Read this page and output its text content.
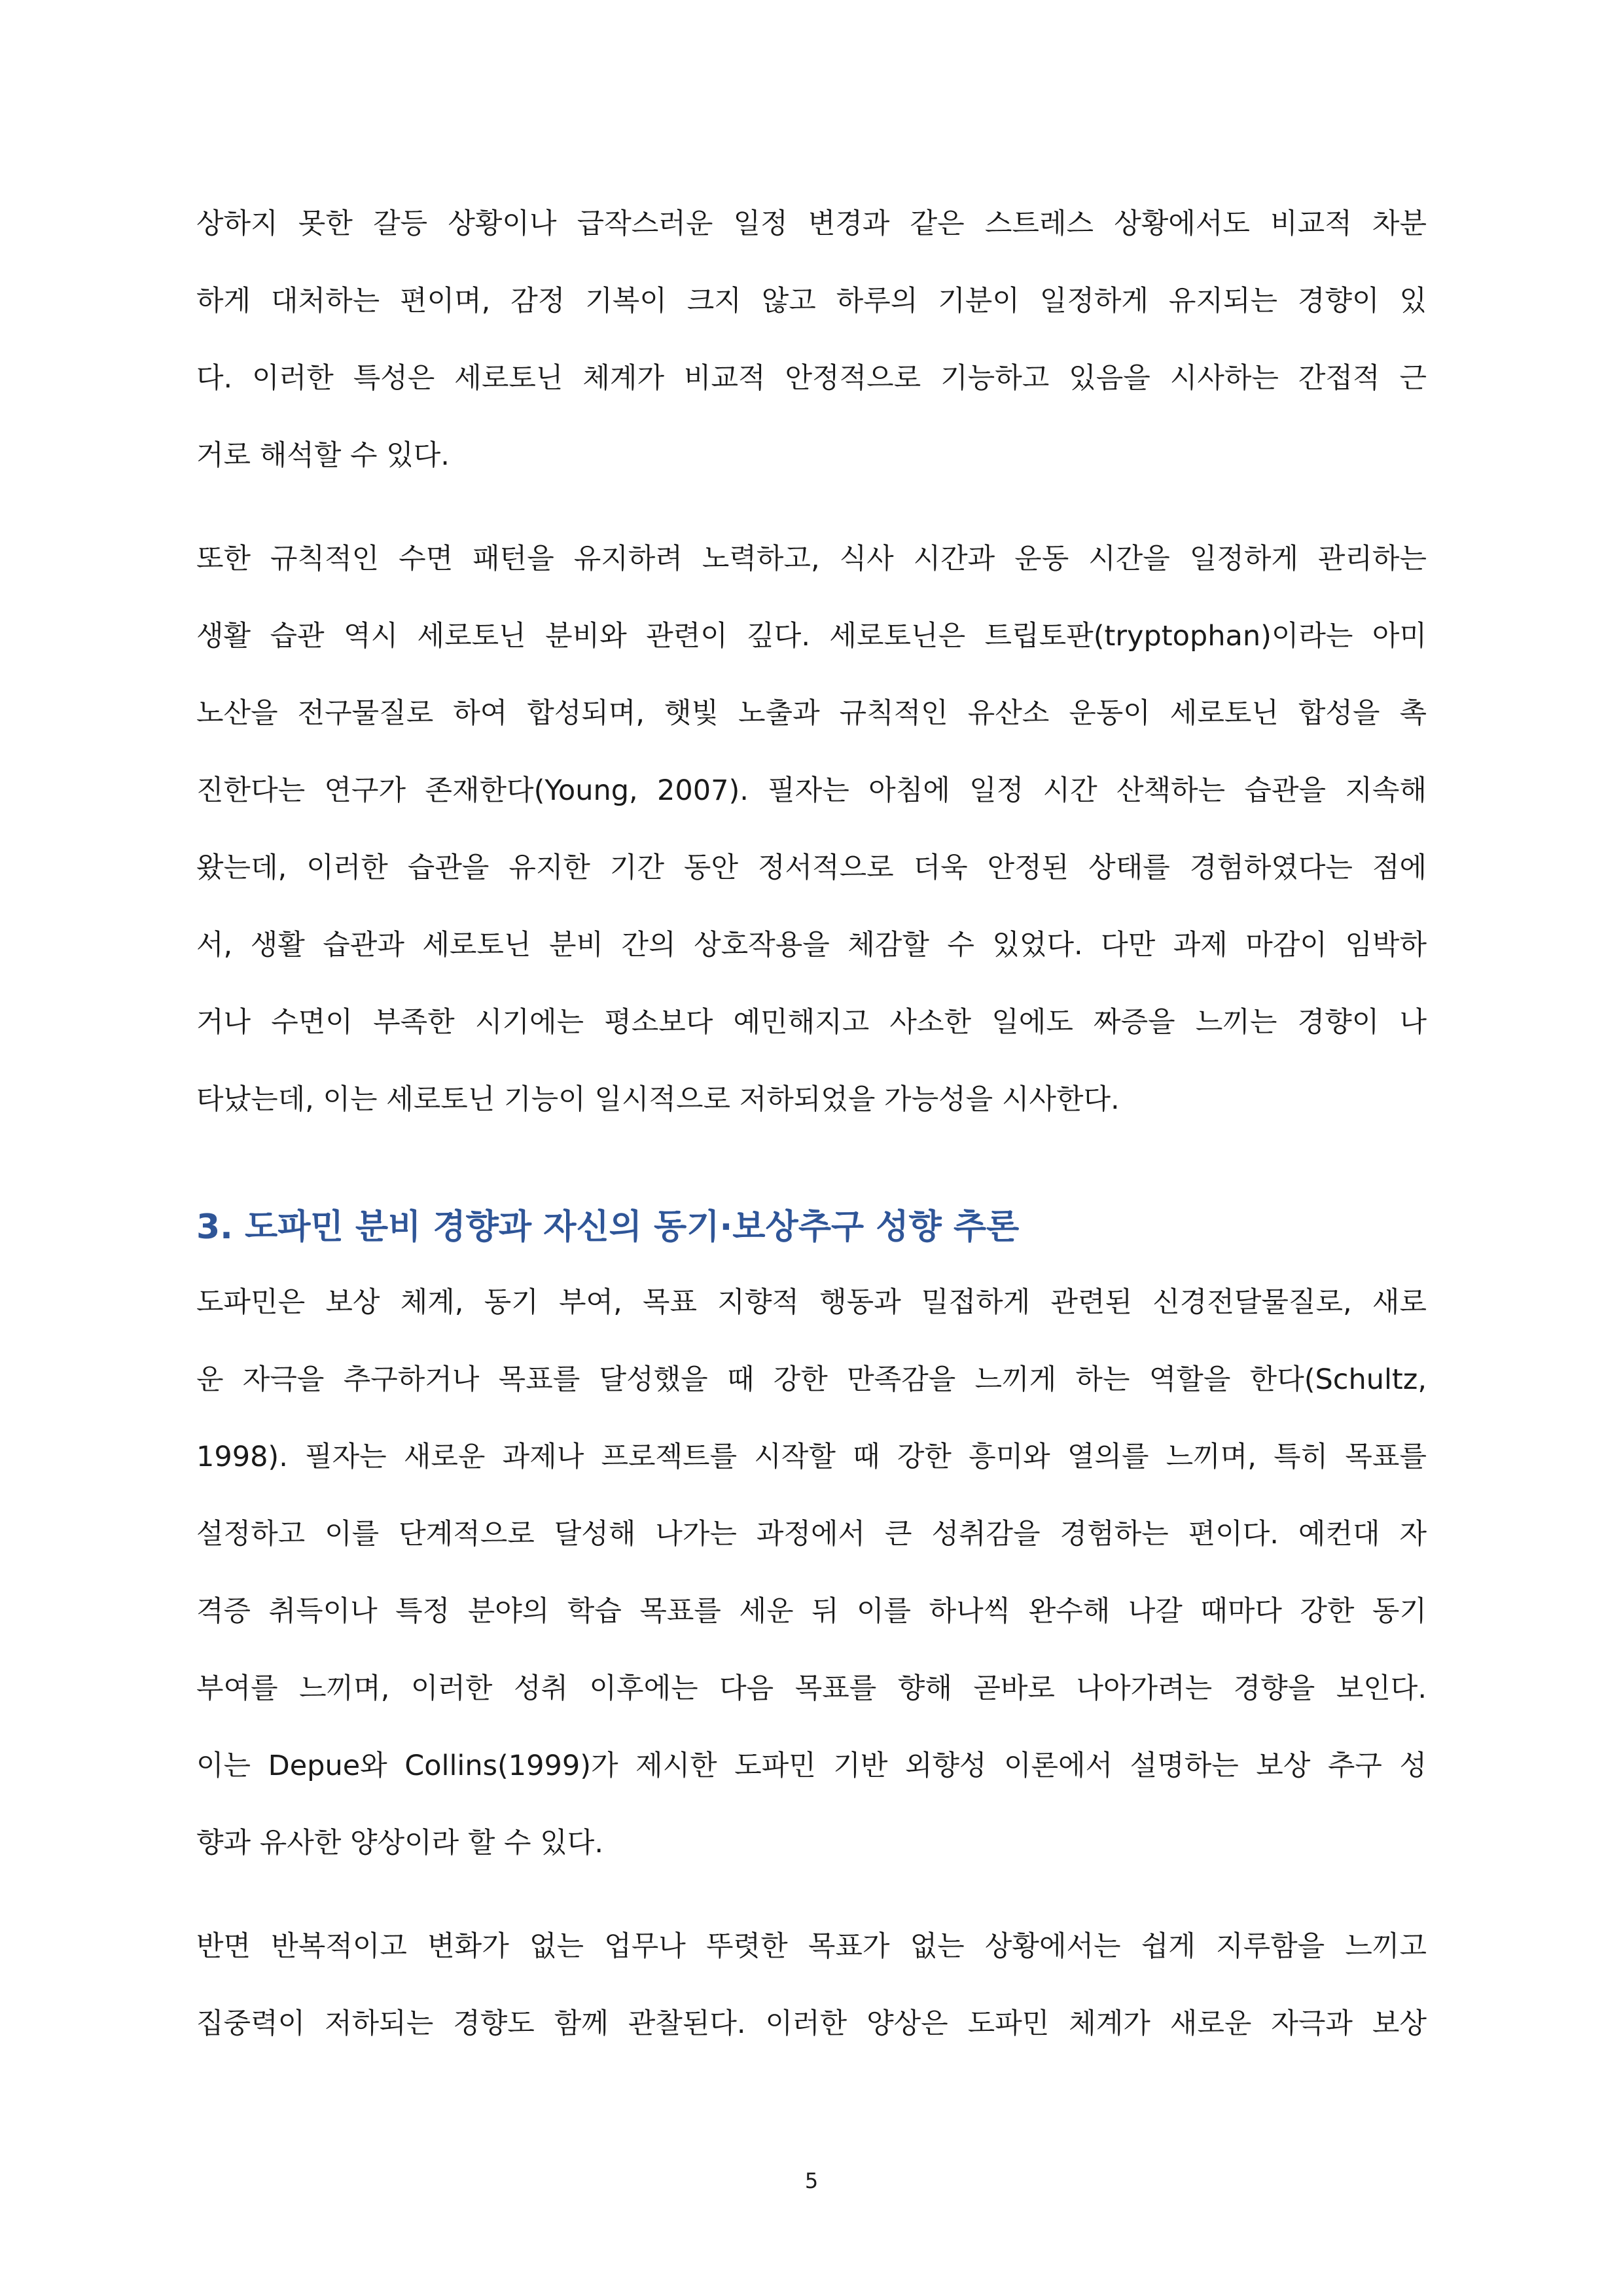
상하지 못한 갈등 상황이나 급작스러운 일정 변경과 같은 스트레스 상황에서도 비교적 차분
하게 대처하는 편이며, 감정 기복이 크지 않고 하루의 기분이 일정하게 유지되는 경향이 있
다. 이러한 특성은 세로토닌 체계가 비교적 안정적으로 기능하고 있음을 시사하는 간접적 근
거로 해석할 수 있다.
또한 규칙적인 수면 패턴을 유지하려 노력하고, 식사 시간과 운동 시간을 일정하게 관리하는
생활 습관 역시 세로토닌 분비와 관련이 깊다. 세로토닌은 트립토판(tryptophan)이라는 아미
노산을 전구물질로 하여 합성되며, 햇빛 노출과 규칙적인 유산소 운동이 세로토닌 합성을 촉
진한다는 연구가 존재한다(Young, 2007). 필자는 아침에 일정 시간 산책하는 습관을 지속해
왔는데, 이러한 습관을 유지한 기간 동안 정서적으로 더욱 안정된 상태를 경험하였다는 점에
서, 생활 습관과 세로토닌 분비 간의 상호작용을 체감할 수 있었다. 다만 과제 마감이 임박하
거나 수면이 부족한 시기에는 평소보다 예민해지고 사소한 일에도 짜증을 느끼는 경향이 나
타났는데, 이는 세로토닌 기능이 일시적으로 저하되었을 가능성을 시사한다.
3. 도파민 분비 경향과 자신의 동기·보상추구 성향 추론
도파민은 보상 체계, 동기 부여, 목표 지향적 행동과 밀접하게 관련된 신경전달물질로, 새로
운 자극을 추구하거나 목표를 달성했을 때 강한 만족감을 느끼게 하는 역할을 한다(Schultz,
1998). 필자는 새로운 과제나 프로젝트를 시작할 때 강한 흥미와 열의를 느끼며, 특히 목표를
설정하고 이를 단계적으로 달성해 나가는 과정에서 큰 성취감을 경험하는 편이다. 예컨대 자
격증 취득이나 특정 분야의 학습 목표를 세운 뒤 이를 하나씩 완수해 나갈 때마다 강한 동기
부여를 느끼며, 이러한 성취 이후에는 다음 목표를 향해 곧바로 나아가려는 경향을 보인다.
이는 Depue와 Collins(1999)가 제시한 도파민 기반 외향성 이론에서 설명하는 보상 추구 성
향과 유사한 양상이라 할 수 있다.
반면 반복적이고 변화가 없는 업무나 뚜렷한 목표가 없는 상황에서는 쉽게 지루함을 느끼고
집중력이 저하되는 경향도 함께 관찰된다. 이러한 양상은 도파민 체계가 새로운 자극과 보상
5
